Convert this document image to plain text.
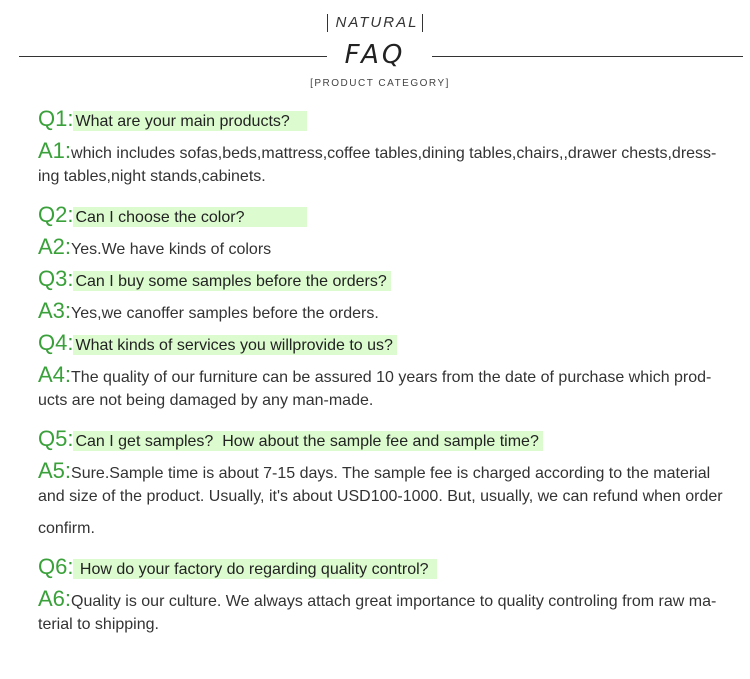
NATURAL
FAQ
[PRODUCT CATEGORY]
Q1: What are your main products?
A1: which includes sofas,beds,mattress,coffee tables,dining tables,chairs,,drawer chests,dress-
ing tables,night stands,cabinets.
Q2: Can I choose the color?
A2: Yes.We have kinds of colors
Q3: Can I buy some samples before the orders?
A3: Yes,we canoffer samples before the orders.
Q4: What kinds of services you willprovide to us?
A4: The quality of our furniture can be assured 10 years from the date of purchase which prod-
ucts are not being damaged by any man-made.
Q5: Can I get samples?  How about the sample fee and sample time?
A5: Sure.Sample time is about 7-15 days. The sample fee is charged according to the material
and size of the product. Usually, it's about USD100-1000. But, usually, we can refund when order
confirm.
Q6: How do your factory do regarding quality control?
A6: Quality is our culture. We always attach great importance to quality controling from raw ma-
terial to shipping.
